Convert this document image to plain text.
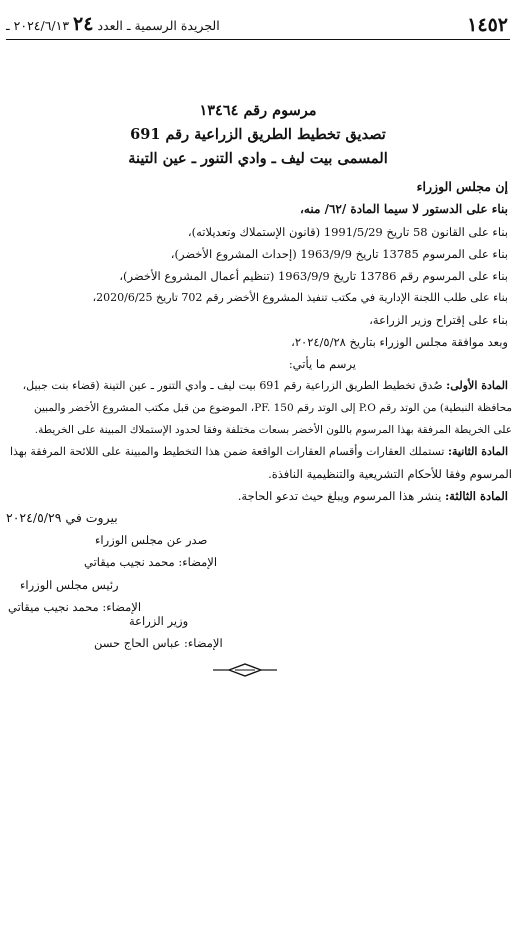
١٤٥٢
الجريدة الرسمية ـ العدد ٢٤ ٢٠٢٤/٦/١٣ ـ
مرسوم رقم ١٣٤٦٤
تصديق تخطيط الطريق الزراعية رقم 691
المسمى بيت ليف ـ وادي التنور ـ عين التينة
إن مجلس الوزراء
بناء على الدستور لا سيما المادة /٦٢/ منه،
بناء على القانون 58 تاريخ 1991/5/29 (قانون الإستملاك وتعديلاته)،
بناء على المرسوم 13785 تاريخ 1963/9/9 (إحداث المشروع الأخضر)،
بناء على المرسوم رقم 13786 تاريخ 1963/9/9 (تنظيم أعمال المشروع الأخضر)،
بناء على طلب اللجنة الإدارية في مكتب تنفيذ المشروع الأخضر رقم 702 تاريخ 2020/6/25،
بناء على إقتراح وزير الزراعة،
وبعد موافقة مجلس الوزراء بتاريخ ٢٠٢٤/٥/٢٨،
يرسم ما يأتي:
المادة الأولى: صُدق تخطيط الطريق الزراعية رقم 691 بيت ليف ـ وادي التنور ـ عين التينة (قضاء بنت جبيل،
محافظة النبطية) من الوتد رقم P.O إلى الوتد رقم PF. 150، الموضوع من قبل مكتب المشروع الأخضر والمبين
على الخريطة المرفقة بهذا المرسوم باللون الأخضر بسعات مختلفة وفقا لحدود الإستملاك المبينة على الخريطة.
المادة الثانية: تستملك العقارات وأقسام العقارات الواقعة ضمن هذا التخطيط والمبينة على اللائحة المرفقة بهذا
المرسوم وفقا للأحكام التشريعية والتنظيمية النافذة.
المادة الثالثة: ينشر هذا المرسوم ويبلغ حيث تدعو الحاجة.
بيروت في ٢٠٢٤/٥/٢٩
صدر عن مجلس الوزراء
الإمضاء: محمد نجيب ميقاتي
رئيس مجلس الوزراء
الإمضاء: محمد نجيب ميقاتي
وزير الزراعة
الإمضاء: عباس الحاج حسن
